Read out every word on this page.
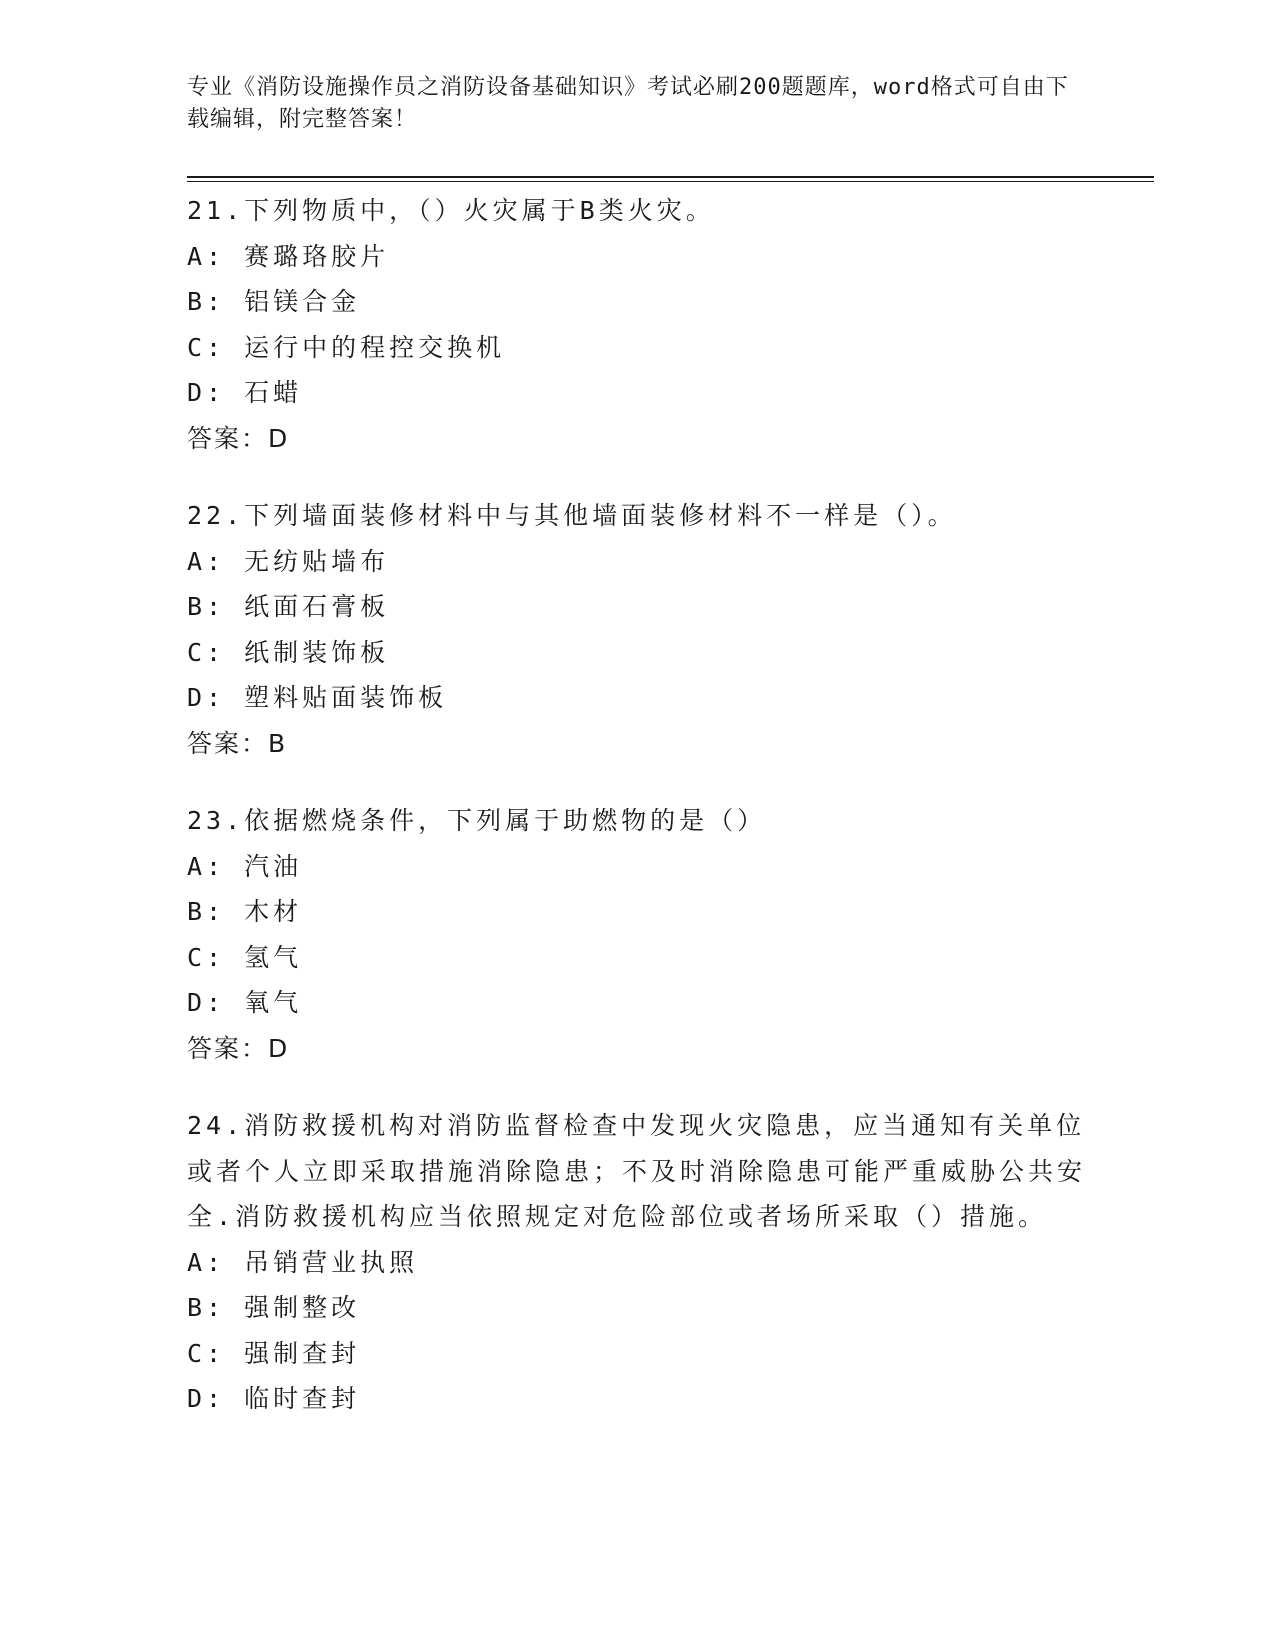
专业《消防设施操作员之消防设备基础知识》考试必刷200题题库，word格式可自由下载编辑，附完整答案！

21.下列物质中，（）火灾属于B类火灾。

A: 赛璐珞胶片

B: 铝镁合金

C: 运行中的程控交换机

D: 石蜡

答案：D

22.下列墙面装修材料中与其他墙面装修材料不一样是（）。

A: 无纺贴墙布

B: 纸面石膏板

C: 纸制装饰板

D: 塑料贴面装饰板

答案：B

23.依据燃烧条件，下列属于助燃物的是（）

A: 汽油

B: 木材

C: 氢气

D: 氧气

答案：D

24.消防救援机构对消防监督检查中发现火灾隐患，应当通知有关单位或者个人立即采取措施消除隐患；不及时消除隐患可能严重威胁公共安全.消防救援机构应当依照规定对危险部位或者场所采取（）措施。

A: 吊销营业执照

B: 强制整改

C: 强制查封

D: 临时查封
